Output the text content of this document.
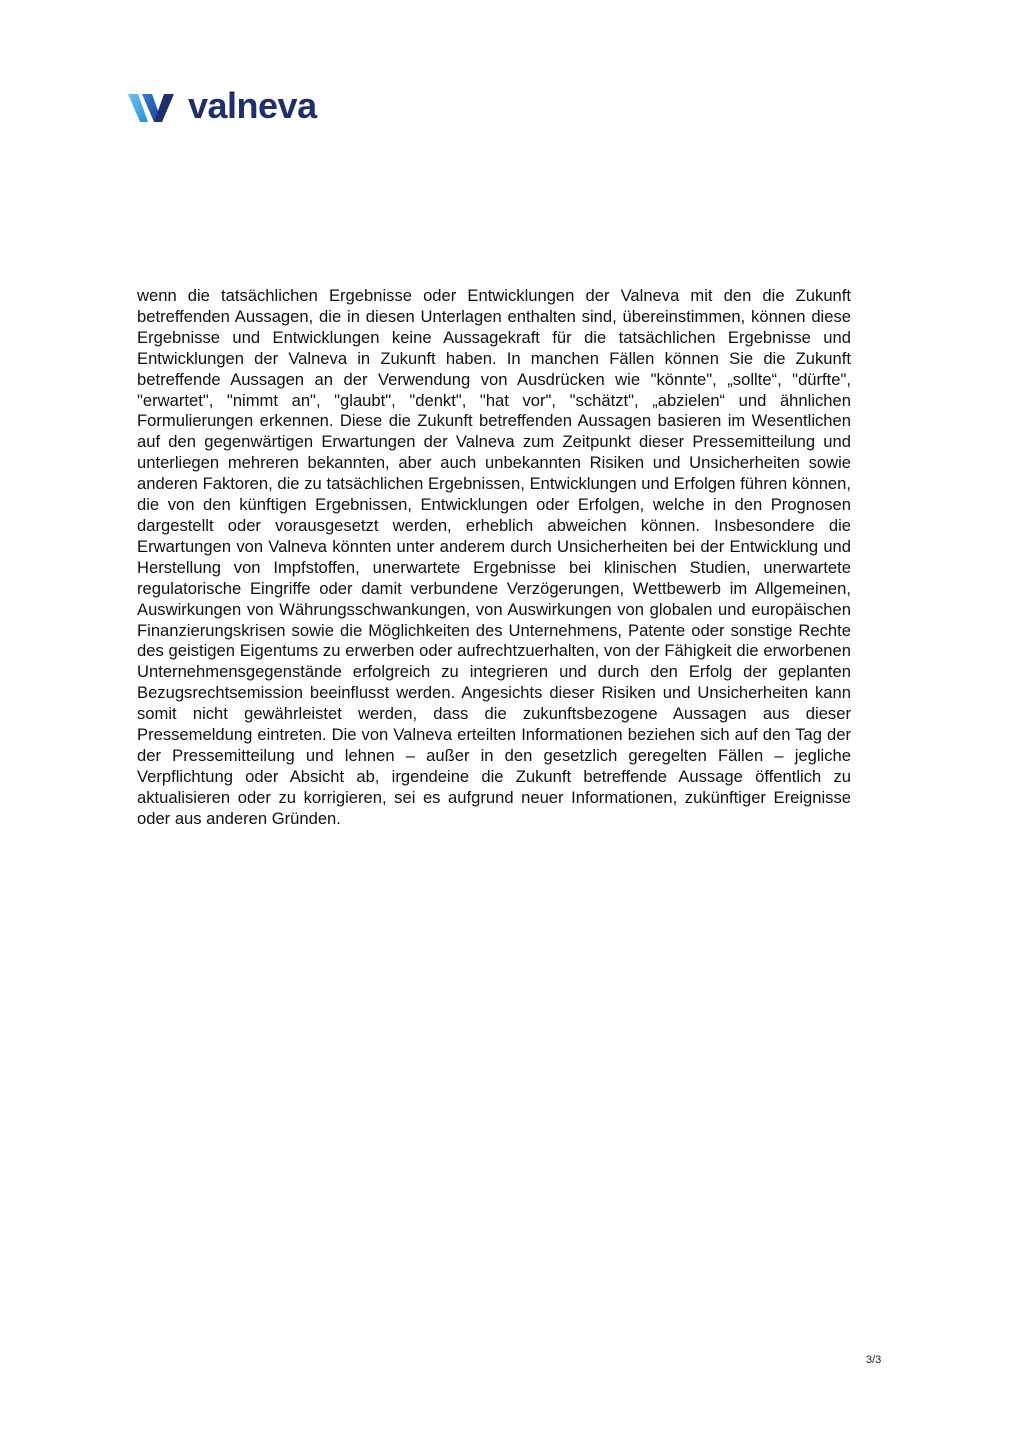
valneva
wenn die tatsächlichen Ergebnisse oder Entwicklungen der Valneva mit den die Zukunft betreffenden Aussagen, die in diesen Unterlagen enthalten sind, übereinstimmen, können diese Ergebnisse und Entwicklungen keine Aussagekraft für die tatsächlichen Ergebnisse und Entwicklungen der Valneva in Zukunft haben. In manchen Fällen können Sie die Zukunft betreffende Aussagen an der Verwendung von Ausdrücken wie "könnte", „sollte“, "dürfte", "erwartet", "nimmt an", "glaubt", "denkt", "hat vor", "schätzt", „abzielen“ und ähnlichen Formulierungen erkennen. Diese die Zukunft betreffenden Aussagen basieren im Wesentlichen auf den gegenwärtigen Erwartungen der Valneva zum Zeitpunkt dieser Pressemitteilung und unterliegen mehreren bekannten, aber auch unbekannten Risiken und Unsicherheiten sowie anderen Faktoren, die zu tatsächlichen Ergebnissen, Entwicklungen und Erfolgen führen können, die von den künftigen Ergebnissen, Entwicklungen oder Erfolgen, welche in den Prognosen dargestellt oder vorausgesetzt werden, erheblich abweichen können. Insbesondere die Erwartungen von Valneva könnten unter anderem durch Unsicherheiten bei der Entwicklung und Herstellung von Impfstoffen, unerwartete Ergebnisse bei klinischen Studien, unerwartete regulatorische Eingriffe oder damit verbundene Verzögerungen, Wettbewerb im Allgemeinen, Auswirkungen von Währungsschwankungen, von Auswirkungen von globalen und europäischen Finanzierungskrisen sowie die Möglichkeiten des Unternehmens, Patente oder sonstige Rechte des geistigen Eigentums zu erwerben oder aufrechtzuerhalten, von der Fähigkeit die erworbenen Unternehmensgegenstände erfolgreich zu integrieren und durch den Erfolg der geplanten Bezugsrechtsemission beeinflusst werden. Angesichts dieser Risiken und Unsicherheiten kann somit nicht gewährleistet werden, dass die zukunftsbezogene Aussagen aus dieser Pressemeldung eintreten. Die von Valneva erteilten Informationen beziehen sich auf den Tag der der Pressemitteilung und lehnen – außer in den gesetzlich geregelten Fällen – jegliche Verpflichtung oder Absicht ab, irgendeine die Zukunft betreffende Aussage öffentlich zu aktualisieren oder zu korrigieren, sei es aufgrund neuer Informationen, zukünftiger Ereignisse oder aus anderen Gründen.
3/3
